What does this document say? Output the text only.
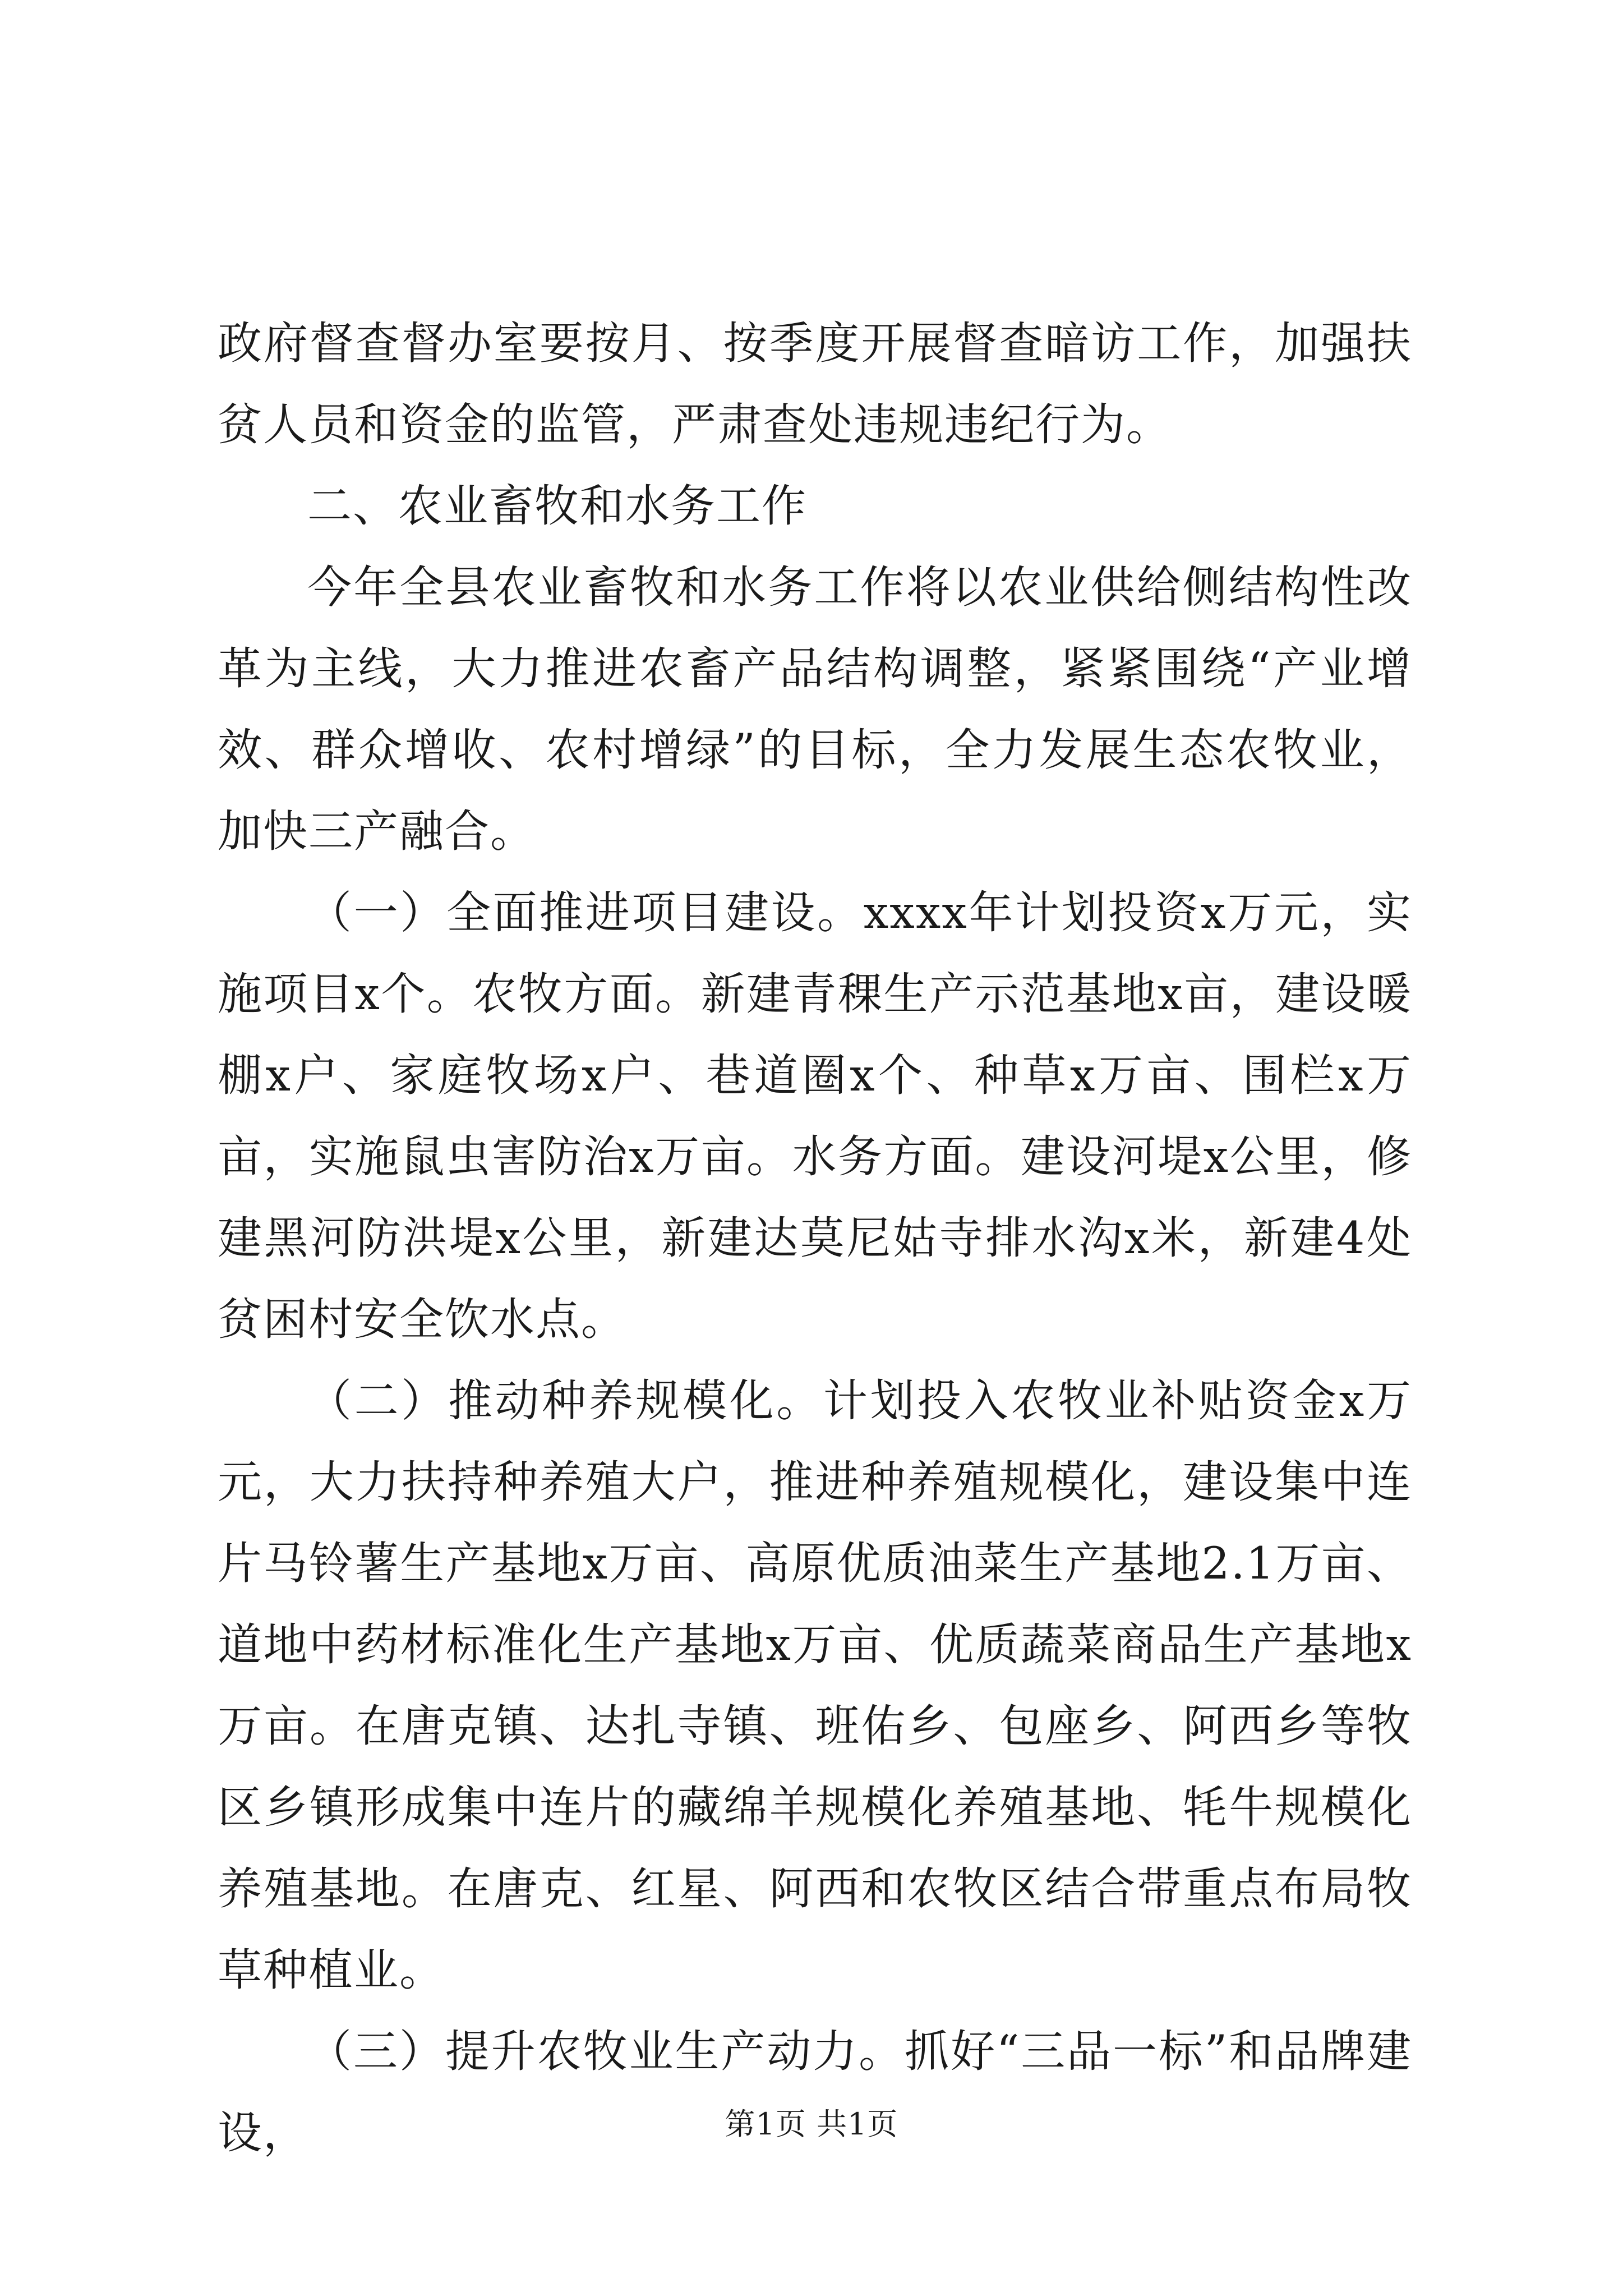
政府督查督办室要按月、按季度开展督查暗访工作，加强扶贫人员和资金的监管，严肃查处违规违纪行为。

二、农业畜牧和水务工作

今年全县农业畜牧和水务工作将以农业供给侧结构性改革为主线，大力推进农畜产品结构调整，紧紧围绕“产业增效、群众增收、农村增绿”的目标，全力发展生态农牧业，加快三产融合。

（一）全面推进项目建设。xxxx年计划投资x万元，实施项目x个。农牧方面。新建青稞生产示范基地x亩，建设暖棚x户、家庭牧场x户、巷道圈x个、种草x万亩、围栏x万亩，实施鼠虫害防治x万亩。水务方面。建设河堤x公里，修建黑河防洪堤x公里，新建达莫尼姑寺排水沟x米，新建4处贫困村安全饮水点。

（二）推动种养规模化。计划投入农牧业补贴资金x万元，大力扶持种养殖大户，推进种养殖规模化，建设集中连片马铃薯生产基地x万亩、高原优质油菜生产基地2.1万亩、道地中药材标准化生产基地x万亩、优质蔬菜商品生产基地x万亩。在唐克镇、达扎寺镇、班佑乡、包座乡、阿西乡等牧区乡镇形成集中连片的藏绵羊规模化养殖基地、牦牛规模化养殖基地。在唐克、红星、阿西和农牧区结合带重点布局牧草种植业。

（三）提升农牧业生产动力。抓好“三品一标”和品牌建设，	第1页 共1页
